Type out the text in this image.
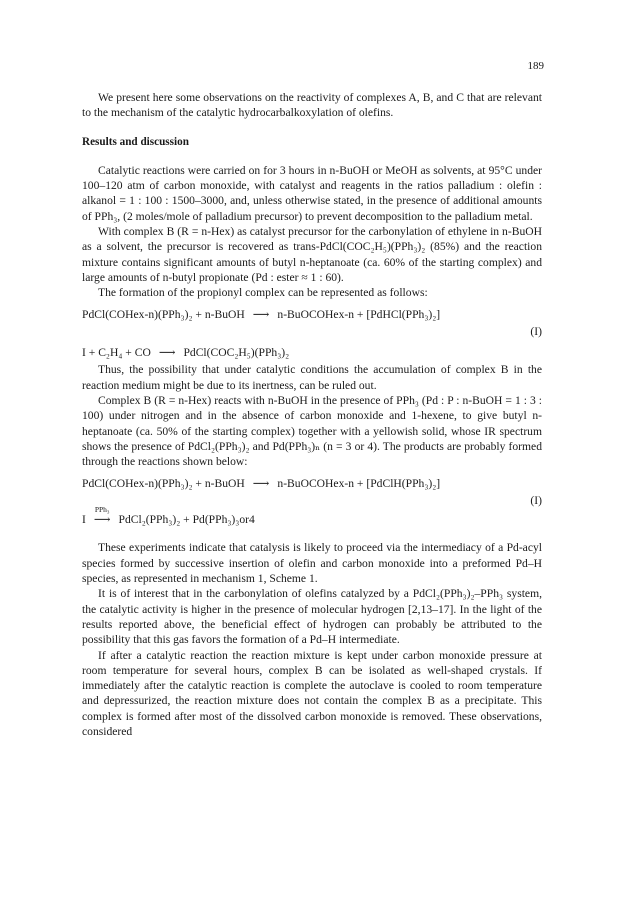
189

We present here some observations on the reactivity of complexes A, B, and C that are relevant to the mechanism of the catalytic hydrocarbalkoxylation of olefins.

Results and discussion

Catalytic reactions were carried on for 3 hours in n-BuOH or MeOH as solvents, at 95°C under 100–120 atm of carbon monoxide, with catalyst and reagents in the ratios palladium : olefin : alkanol = 1 : 100 : 1500–3000, and, unless otherwise stated, in the presence of additional amounts of PPh₃, (2 moles/mole of palladium precursor) to prevent decomposition to the palladium metal.

With complex B (R = n-Hex) as catalyst precursor for the carbonylation of ethylene in n-BuOH as a solvent, the precursor is recovered as trans-PdCl(COC₂H₅)(PPh₃)₂ (85%) and the reaction mixture contains significant amounts of butyl n-heptanoate (ca. 60% of the starting complex) and large amounts of n-butyl propionate (Pd : ester ≈ 1 : 60).

The formation of the propionyl complex can be represented as follows:

PdCl(COHex-n)(PPh₃)₂ + n-BuOH ⟶ n-BuOCOHex-n + [PdHCl(PPh₃)₂]
(I)
I + C₂H₄ + CO ⟶ PdCl(COC₂H₅)(PPh₃)₂

Thus, the possibility that under catalytic conditions the accumulation of complex B in the reaction medium might be due to its inertness, can be ruled out.

Complex B (R = n-Hex) reacts with n-BuOH in the presence of PPh₃ (Pd : P : n-BuOH = 1 : 3 : 100) under nitrogen and in the absence of carbon monoxide and 1-hexene, to give butyl n-heptanoate (ca. 50% of the starting complex) together with a yellowish solid, whose IR spectrum shows the presence of PdCl₂(PPh₃)₂ and Pd(PPh₃)ₙ (n = 3 or 4). The products are probably formed through the reactions shown below:

PdCl(COHex-n)(PPh₃)₂ + n-BuOH ⟶ n-BuOCOHex-n + [PdClH(PPh₃)₂]
(I)
I
PPh₃
⟶ PdCl₂(PPh₃)₂ + Pd(PPh₃)₃or4

These experiments indicate that catalysis is likely to proceed via the intermediacy of a Pd-acyl species formed by successive insertion of olefin and carbon monoxide into a preformed Pd–H species, as represented in mechanism 1, Scheme 1.

It is of interest that in the carbonylation of olefins catalyzed by a PdCl₂(PPh₃)₂–PPh₃ system, the catalytic activity is higher in the presence of molecular hydrogen [2,13–17]. In the light of the results reported above, the beneficial effect of hydrogen can probably be attributed to the possibility that this gas favors the formation of a Pd–H intermediate.

If after a catalytic reaction the reaction mixture is kept under carbon monoxide pressure at room temperature for several hours, complex B can be isolated as well-shaped crystals. If immediately after the catalytic reaction is complete the autoclave is cooled to room temperature and depressurized, the reaction mixture does not contain the complex B as a precipitate. This complex is formed after most of the dissolved carbon monoxide is removed. These observations, considered
